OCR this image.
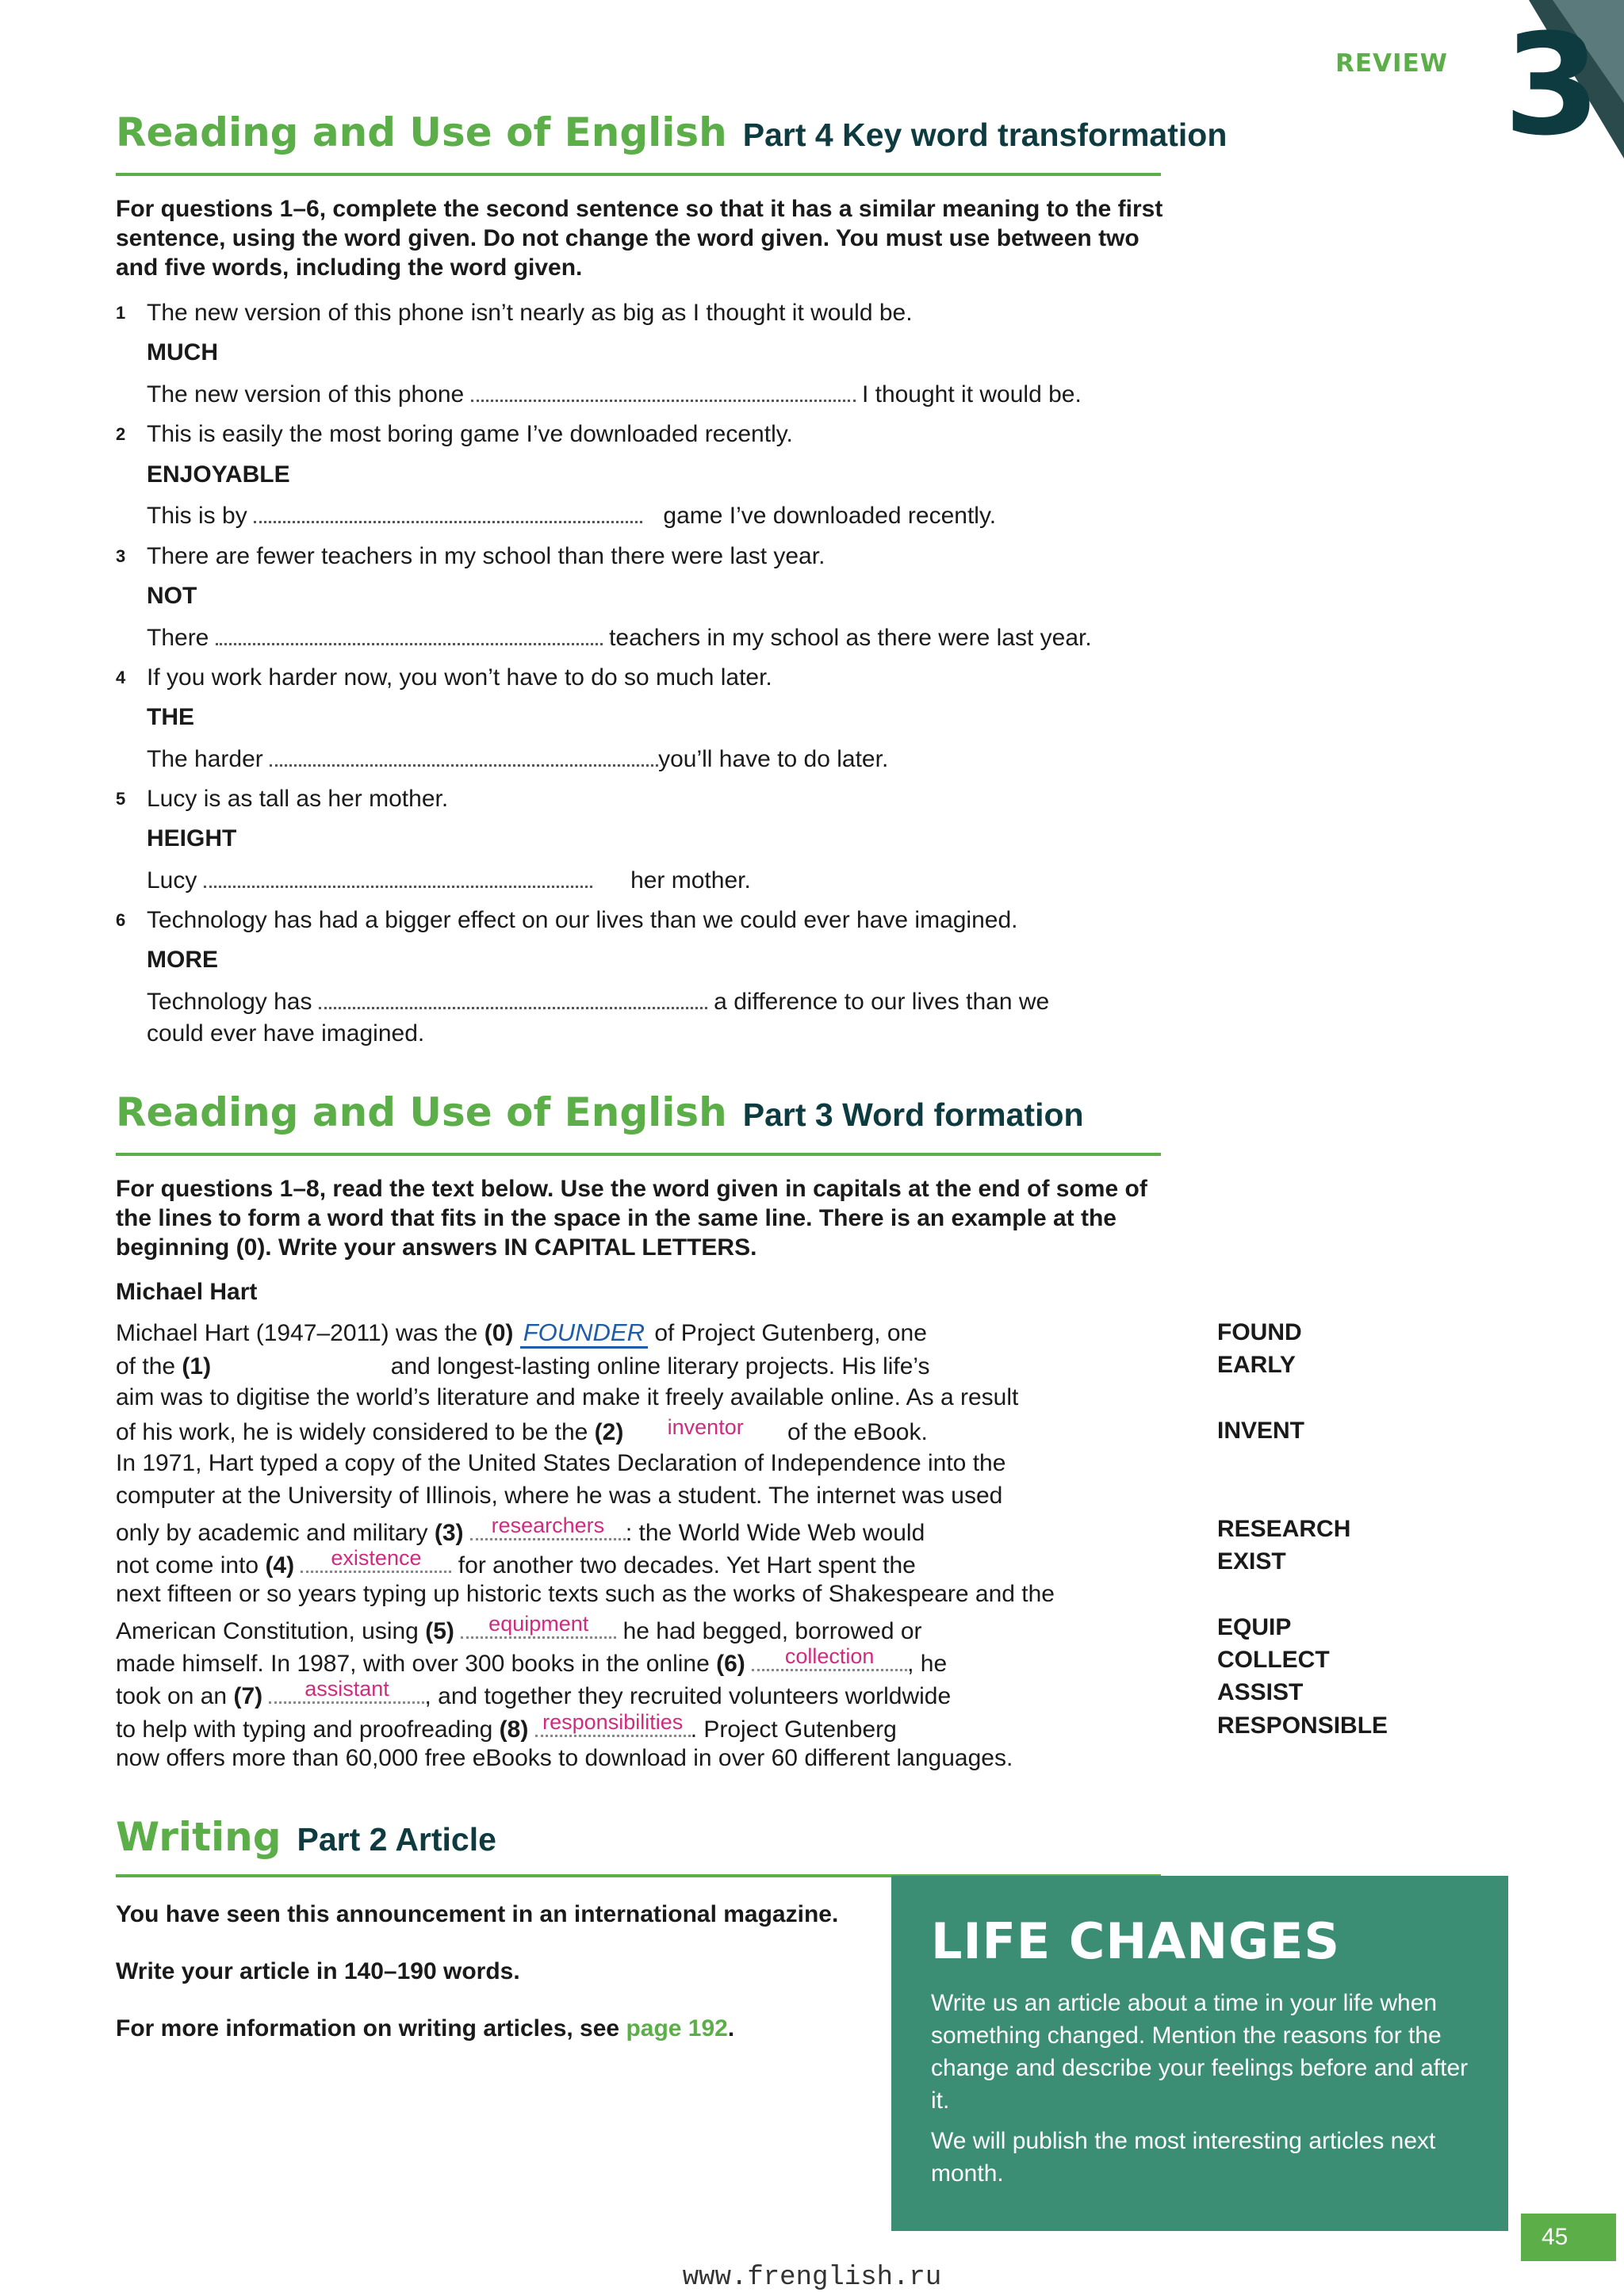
REVIEW 3
Reading and Use of English Part 4 Key word transformation
For questions 1–6, complete the second sentence so that it has a similar meaning to the first sentence, using the word given. Do not change the word given. You must use between two and five words, including the word given.
1 The new version of this phone isn’t nearly as big as I thought it would be.
MUCH
The new version of this phone	I thought it would be.
2 This is easily the most boring game I’ve downloaded recently.
ENJOYABLE
This is by	game I’ve downloaded recently.
3 There are fewer teachers in my school than there were last year.
NOT
There	teachers in my school as there were last year.
4 If you work harder now, you won’t have to do so much later.
THE
The harder	you’ll have to do later.
5 Lucy is as tall as her mother.
HEIGHT
Lucy	her mother.
6 Technology has had a bigger effect on our lives than we could ever have imagined.
MORE
Technology has	a difference to our lives than we
could ever have imagined.
Reading and Use of English Part 3 Word formation
For questions 1–8, read the text below. Use the word given in capitals at the end of some of the lines to form a word that fits in the space in the same line. There is an example at the beginning (0). Write your answers IN CAPITAL LETTERS.
Michael Hart
Michael Hart (1947–2011) was the (0) FOUNDER of Project Gutenberg, one
of the (1)	and longest-lasting online literary projects. His life’s
aim was to digitise the world’s literature and make it freely available online. As a result
of his work, he is widely considered to be the (2)	inventor	of the eBook.
In 1971, Hart typed a copy of the United States Declaration of Independence into the
computer at the University of Illinois, where he was a student. The internet was used
only by academic and military (3)	researchers : the World Wide Web would
not come into (4)	existence	for another two decades. Yet Hart spent the
next fifteen or so years typing up historic texts such as the works of Shakespeare and the
American Constitution, using (5)	equipment	he had begged, borrowed or
made himself. In 1987, with over 300 books in the online (6)	collection	, he
took on an (7)	assistant	, and together they recruited volunteers worldwide
to help with typing and proofreading (8) responsibilities . Project Gutenberg
now offers more than 60,000 free eBooks to download in over 60 different languages.
FOUND
EARLY
INVENT
RESEARCH
EXIST
EQUIP
COLLECT
ASSIST
RESPONSIBLE
Writing Part 2 Article
You have seen this announcement in an international magazine.
Write your article in 140–190 words.
For more information on writing articles, see page 192.
LIFE CHANGES

Write us an article about a time in your life when something changed. Mention the reasons for the change and describe your feelings before and after it.

We will publish the most interesting articles next month.

45
www.frenglish.ru
